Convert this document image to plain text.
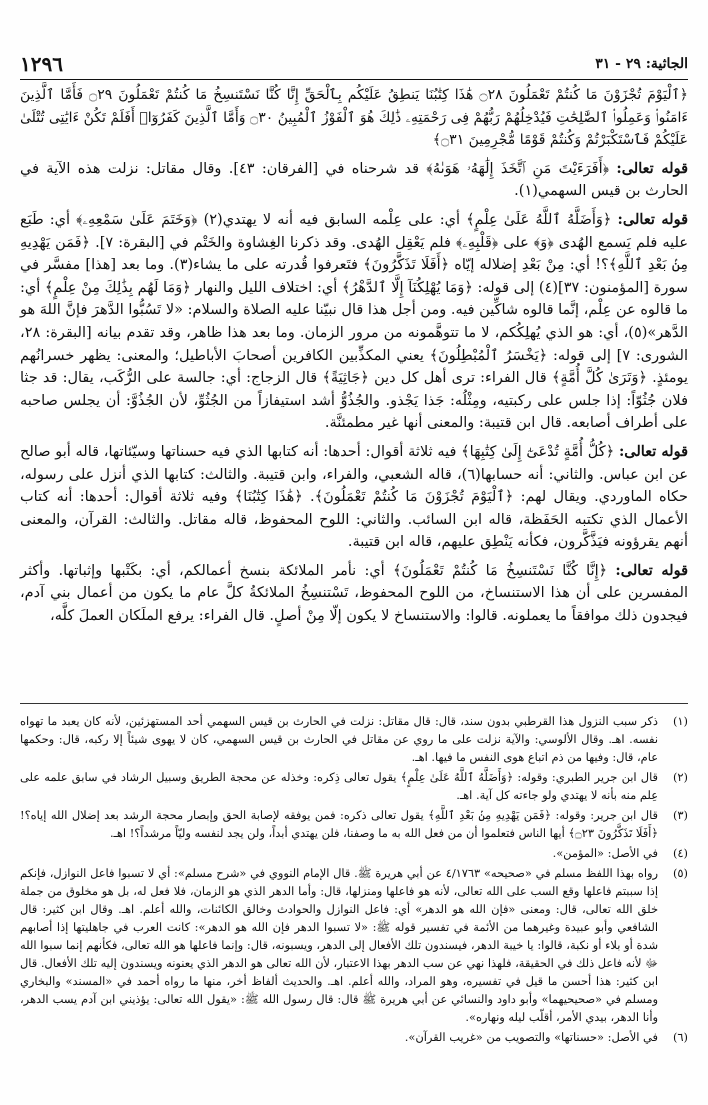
١٢٩٦	الجاثية: ٢٩ - ٣١

﴿ٱلْيَوْمَ تُجْزَوْنَ مَا كُنتُمْ تَعْمَلُونَ ۝٢٨ هَٰذَا كِتَٰبُنَا يَنطِقُ عَلَيْكُم بِٱلْحَقِّ إِنَّا كُنَّا نَسْتَنسِخُ مَا كُنتُمْ تَعْمَلُونَ ۝٢٩ فَأَمَّا ٱلَّذِينَ ءَامَنُوا۟ وَعَمِلُوا۟ ٱلصَّٰلِحَٰتِ فَيُدْخِلُهُمْ رَبُّهُمْ فِى رَحْمَتِهِۦ ذَٰلِكَ هُوَ ٱلْفَوْزُ ٱلْمُبِينُ ۝٣٠ وَأَمَّا ٱلَّذِينَ كَفَرُوٓا۟ أَفَلَمْ تَكُنْ ءَايَٰتِى تُتْلَىٰ عَلَيْكُمْ فَٱسْتَكْبَرْتُمْ وَكُنتُمْ قَوْمًا مُّجْرِمِينَ ۝٣١﴾

قوله تعالى: ﴿أَفَرَءَيْتَ مَنِ ٱتَّخَذَ إِلَٰهَهُۥ هَوَىٰهُ﴾ قد شرحناه في [الفرقان: ٤٣]. وقال مقاتل: نزلت هذه الآية في الحارث بن قيس السهمي(١).

قوله تعالى: ﴿وَأَضَلَّهُ ٱللَّهُ عَلَىٰ عِلْمٍ﴾ أي: على عِلْمه السابق فيه أنه لا يهتدي(٢) ﴿وَخَتَمَ عَلَىٰ سَمْعِهِۦ﴾ أي: طَبَع عليه فلم يَسمع الهُدى ﴿وَ﴾ على ﴿قَلْبِهِۦ﴾ فلم يَعْقِل الهُدى. وقد ذكرنا الغِشاوة والخَتْم في [البقرة: ٧]. ﴿فَمَن يَهْدِيهِ مِنۢ بَعْدِ ٱللَّهِ﴾؟! أي: مِنْ بَعْدِ إضلاله إيّاه ﴿أَفَلَا تَذَكَّرُونَ﴾ فتَعرفوا قُدرته على ما يشاء(٣). وما بعد [هذا] مفسَّر في سورة [المؤمنون: ٣٧](٤) إلى قوله: ﴿وَمَا يُهْلِكُنَآ إِلَّا ٱلدَّهْرُ﴾ أي: اختلاف الليل والنهار ﴿وَمَا لَهُم بِذَٰلِكَ مِنْ عِلْمٍ﴾ أي: ما قالوه عن عِلْم، إنَّما قالوه شاكِّين فيه. ومن أجل هذا قال نبيّنا عليه الصلاة والسلام: «لا تَسُبُّوا الدَّهرَ فإنَّ اللهَ هو الدَّهر»(٥)، أي: هو الذي يُهلِكُكم، لا ما تتوهَّمونه من مرور الزمان. وما بعد هذا ظاهر، وقد تقدم بيانه [البقرة: ٢٨، الشورى: ٧] إلى قوله: ﴿يَخْسَرُ ٱلْمُبْطِلُونَ﴾ يعني المكذِّبين الكافرين أصحابَ الأباطيل؛ والمعنى: يظهر خسرانُهم يومئذٍ. ﴿وَتَرَىٰ كُلَّ أُمَّةٍ﴾ قال الفراء: ترى أهل كل دين ﴿جَاثِيَةً﴾ قال الزجاج: أي: جالسة على الرُّكَب، يقال: قد جثا فلان جُثُوّاً: إذا جلس على ركبتيه، ومِثْلُه: جَذا يَجْذو. والجُذُوُّ أشد استيفازاً من الجُثُوِّ، لأن الجُذُوَّ: أن يجلس صاحبه على أطراف أصابعه. قال ابن قتيبة: والمعنى أنها غير مطمئنَّة.

قوله تعالى: ﴿كُلُّ أُمَّةٍ تُدْعَىٰٓ إِلَىٰ كِتَٰبِهَا﴾ فيه ثلاثة أقوال: أحدها: أنه كتابها الذي فيه حسناتها وسيّئاتها، قاله أبو صالح عن ابن عباس. والثاني: أنه حسابها(٦)، قاله الشعبي، والفراء، وابن قتيبة. والثالث: كتابها الذي أنزل على رسوله، حكاه الماوردي. ويقال لهم: ﴿ٱلْيَوْمَ تُجْزَوْنَ مَا كُنتُمْ تَعْمَلُونَ﴾. ﴿هَٰذَا كِتَٰبُنَا﴾ وفيه ثلاثة أقوال: أحدها: أنه كتاب الأعمال الذي تكتبه الحَفَظة، قاله ابن السائب. والثاني: اللوح المحفوظ، قاله مقاتل. والثالث: القرآن، والمعنى أنهم يقرؤونه فيَذَّكَّرون، فكأنه يَنْطِق عليهم، قاله ابن قتيبة.

قوله تعالى: ﴿إِنَّا كُنَّا نَسْتَنسِخُ مَا كُنتُمْ تَعْمَلُونَ﴾ أي: نأمر الملائكة بنسخ أعمالكم، أي: بكَتْبها وإثباتها. وأكثر المفسرين على أن هذا الاستنساخ، من اللوح المحفوظ، تَسْتنسِخُ الملائكةُ كلَّ عام ما يكون من أعمال بني آدم، فيجدون ذلك موافقاً ما يعملونه. قالوا: والاستنساخ لا يكون إلّا مِنْ أصلٍ. قال الفراء: يرفع الملَكان العملَ كلَّه،

(١)
ذكر سبب النزول هذا القرطبي بدون سند، قال: قال مقاتل: نزلت في الحارث بن قيس السهمي أحد المستهزئين، لأنه كان يعبد ما تهواه نفسه. اهـ. وقال الألوسي: والآية نزلت على ما روي عن مقاتل في الحارث بن قيس السهمي، كان لا يهوى شيئاً إلا ركبه، قال: وحكمها عام، قال: وفيها من ذم اتباع هوى النفس ما فيها. اهـ.
(٢)
قال ابن جرير الطبري: وقوله: ﴿وَأَضَلَّهُ ٱللَّهُ عَلَىٰ عِلْمٍ﴾ يقول تعالى ذِكره: وخذله عن محجة الطريق وسبيل الرشاد في سابق علمه على عِلم منه بأنه لا يهتدي ولو جاءته كل آية. اهـ.
(٣)
قال ابن جرير: وقوله: ﴿فَمَن يَهْدِيهِ مِنۢ بَعْدِ ٱللَّهِ﴾ يقول تعالى ذكره: فمن يوفقه لإصابة الحق وإبصار محجة الرشد بعد إضلال الله إياه؟! ﴿أَفَلَا تَذَكَّرُونَ ۝٢٣﴾ أيها الناس فتعلموا أن من فعل الله به ما وصفنا، فلن يهتدي أبداً، ولن يجد لنفسه وليّاً مرشداً؟! اهـ.
(٤)
في الأصل: «المؤمن».
(٥)
رواه بهذا اللفظ مسلم في «صحيحه» ٤/١٧٦٣ عن أبي هريرة ﷺ. قال الإمام النووي في «شرح مسلم»: أي لا تسبوا فاعل النوازل، فإنكم إذا سببتم فاعلها وقع السب على الله تعالى، لأنه هو فاعلها ومنزلها، قال: وأما الدهر الذي هو الزمان، فلا فعل له، بل هو مخلوق من جملة خلق الله تعالى، قال: ومعنى «فإن الله هو الدهر» أي: فاعل النوازل والحوادث وخالق الكائنات، والله أعلم. اهـ. وقال ابن كثير: قال الشافعي وأبو عبيدة وغيرهما من الأئمة في تفسير قوله ﷺ: «لا تسبوا الدهر فإن الله هو الدهر»: كانت العرب في جاهليتها إذا أصابهم شدة أو بلاء أو نكبة، قالوا: يا خيبة الدهر، فيسندون تلك الأفعال إلى الدهر، ويسبونه، قال: وإنما فاعلها هو الله تعالى، فكأنهم إنما سبوا الله ﷻ لأنه فاعل ذلك في الحقيقة، فلهذا نهي عن سب الدهر بهذا الاعتبار، لأن الله تعالى هو الدهر الذي يعنونه ويسندون إليه تلك الأفعال. قال ابن كثير: هذا أحسن ما قيل في تفسيره، وهو المراد، والله أعلم. اهـ. والحديث ألفاظ أخر، منها ما رواه أحمد في «المسند» والبخاري ومسلم في «صحيحيهما» وأبو داود والنسائي عن أبي هريرة ﷺ قال: قال رسول الله ﷺ: «يقول الله تعالى: يؤذيني ابن آدم يسب الدهر، وأنا الدهر، بيدي الأمر، أقلّب ليله ونهاره».
(٦)
في الأصل: «حسناتها» والتصويب من «غريب القرآن».
